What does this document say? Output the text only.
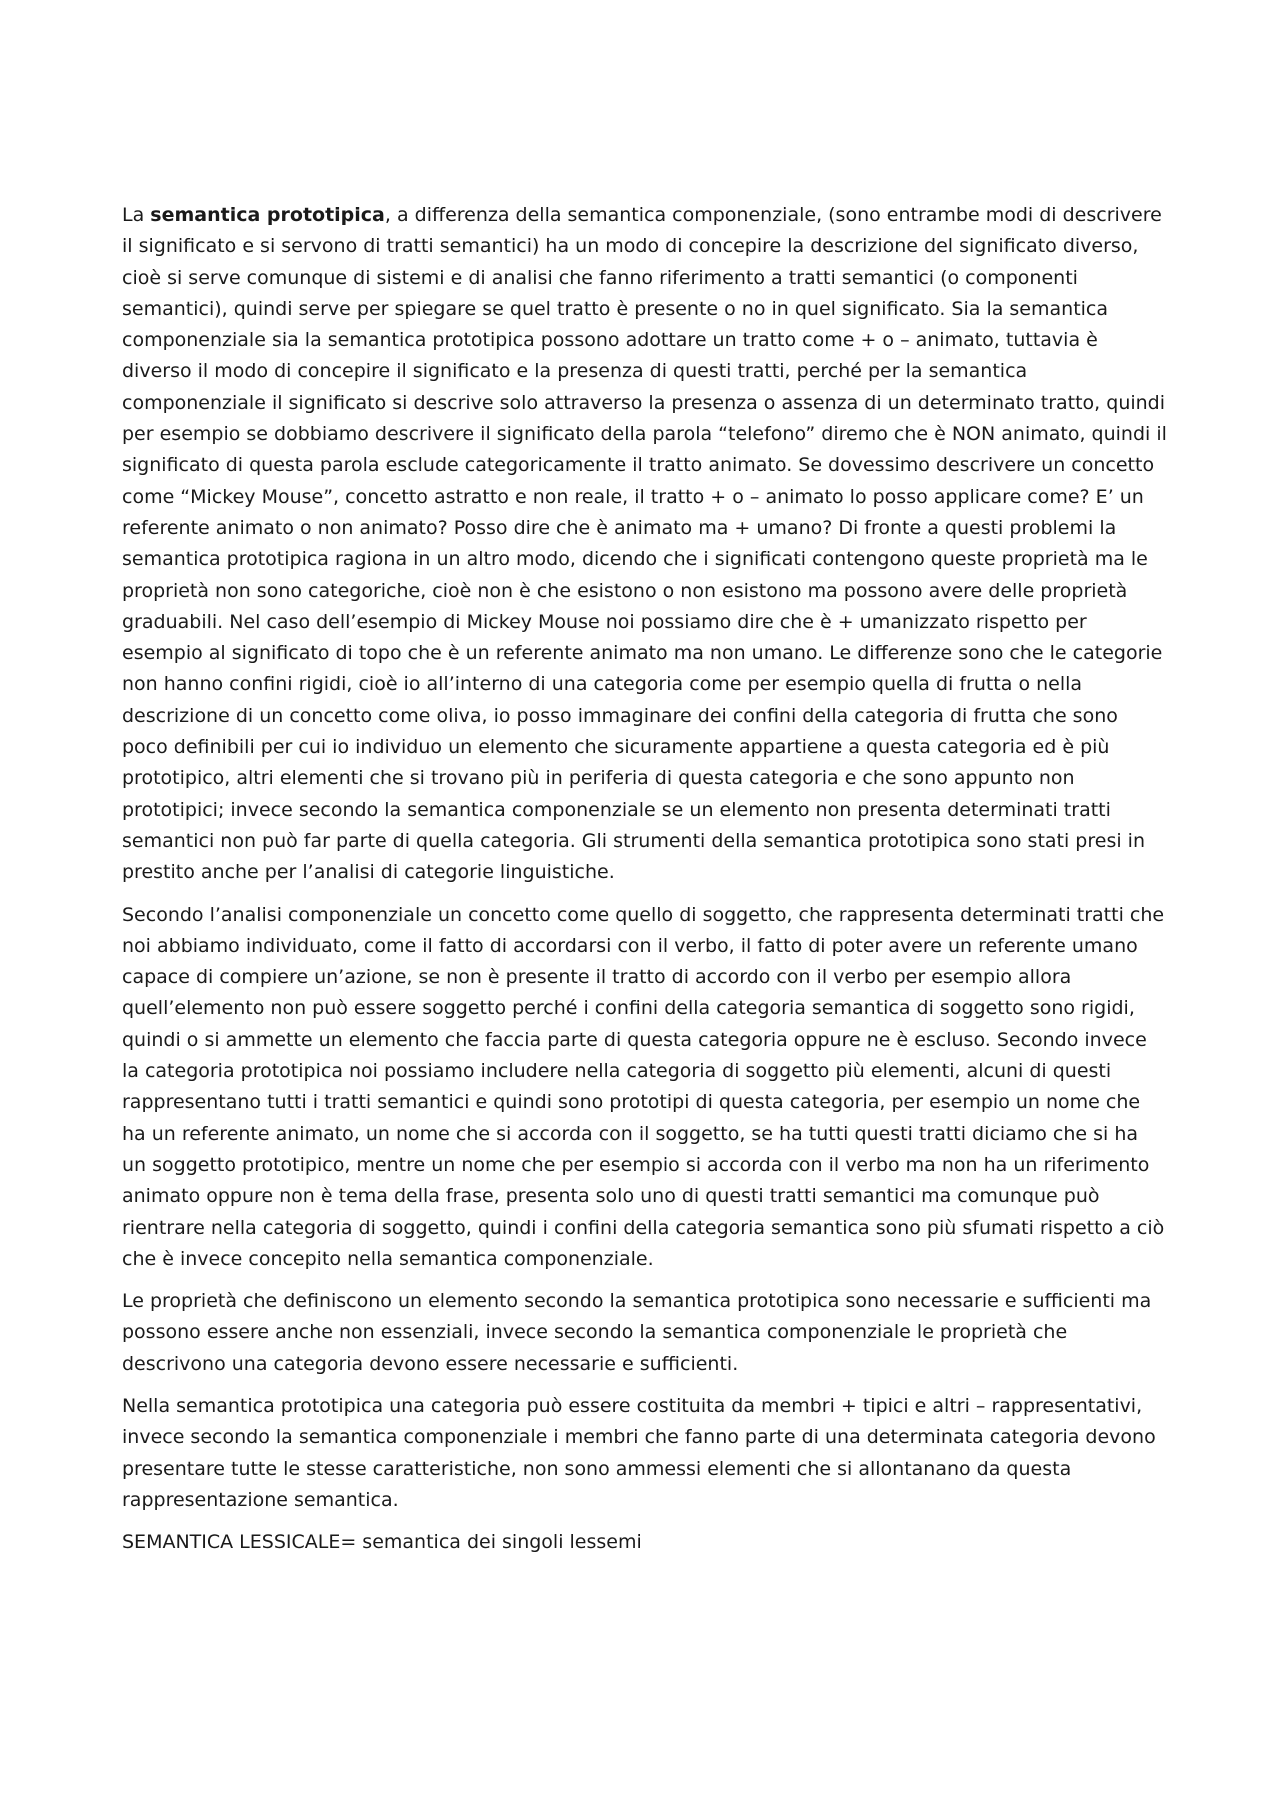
La semantica prototipica, a differenza della semantica componenziale, (sono entrambe modi di descrivere il significato e si servono di tratti semantici) ha un modo di concepire la descrizione del significato diverso, cioè si serve comunque di sistemi e di analisi che fanno riferimento a tratti semantici (o componenti semantici), quindi serve per spiegare se quel tratto è presente o no in quel significato. Sia la semantica componenziale sia la semantica prototipica possono adottare un tratto come + o – animato, tuttavia è diverso il modo di concepire il significato e la presenza di questi tratti, perché per la semantica componenziale il significato si descrive solo attraverso la presenza o assenza di un determinato tratto, quindi per esempio se dobbiamo descrivere il significato della parola “telefono” diremo che è NON animato, quindi il significato di questa parola esclude categoricamente il tratto animato. Se dovessimo descrivere un concetto come “Mickey Mouse”, concetto astratto e non reale, il tratto + o – animato lo posso applicare come? E’ un referente animato o non animato? Posso dire che è animato ma + umano? Di fronte a questi problemi la semantica prototipica ragiona in un altro modo, dicendo che i significati contengono queste proprietà ma le proprietà non sono categoriche, cioè non è che esistono o non esistono ma possono avere delle proprietà graduabili. Nel caso dell’esempio di Mickey Mouse noi possiamo dire che è + umanizzato rispetto per esempio al significato di topo che è un referente animato ma non umano. Le differenze sono che le categorie non hanno confini rigidi, cioè io all’interno di una categoria come per esempio quella di frutta o nella descrizione di un concetto come oliva, io posso immaginare dei confini della categoria di frutta che sono poco definibili per cui io individuo un elemento che sicuramente appartiene a questa categoria ed è più prototipico, altri elementi che si trovano più in periferia di questa categoria e che sono appunto non prototipici; invece secondo la semantica componenziale se un elemento non presenta determinati tratti semantici non può far parte di quella categoria. Gli strumenti della semantica prototipica sono stati presi in prestito anche per l’analisi di categorie linguistiche.

Secondo l’analisi componenziale un concetto come quello di soggetto, che rappresenta determinati tratti che noi abbiamo individuato, come il fatto di accordarsi con il verbo, il fatto di poter avere un referente umano capace di compiere un’azione, se non è presente il tratto di accordo con il verbo per esempio allora quell’elemento non può essere soggetto perché i confini della categoria semantica di soggetto sono rigidi, quindi o si ammette un elemento che faccia parte di questa categoria oppure ne è escluso. Secondo invece la categoria prototipica noi possiamo includere nella categoria di soggetto più elementi, alcuni di questi rappresentano tutti i tratti semantici e quindi sono prototipi di questa categoria, per esempio un nome che ha un referente animato, un nome che si accorda con il soggetto, se ha tutti questi tratti diciamo che si ha un soggetto prototipico, mentre un nome che per esempio si accorda con il verbo ma non ha un riferimento animato oppure non è tema della frase, presenta solo uno di questi tratti semantici ma comunque può rientrare nella categoria di soggetto, quindi i confini della categoria semantica sono più sfumati rispetto a ciò che è invece concepito nella semantica componenziale.

Le proprietà che definiscono un elemento secondo la semantica prototipica sono necessarie e sufficienti ma possono essere anche non essenziali, invece secondo la semantica componenziale le proprietà che descrivono una categoria devono essere necessarie e sufficienti.

Nella semantica prototipica una categoria può essere costituita da membri + tipici e altri – rappresentativi, invece secondo la semantica componenziale i membri che fanno parte di una determinata categoria devono presentare tutte le stesse caratteristiche, non sono ammessi elementi che si allontanano da questa rappresentazione semantica.

SEMANTICA LESSICALE= semantica dei singoli lessemi
